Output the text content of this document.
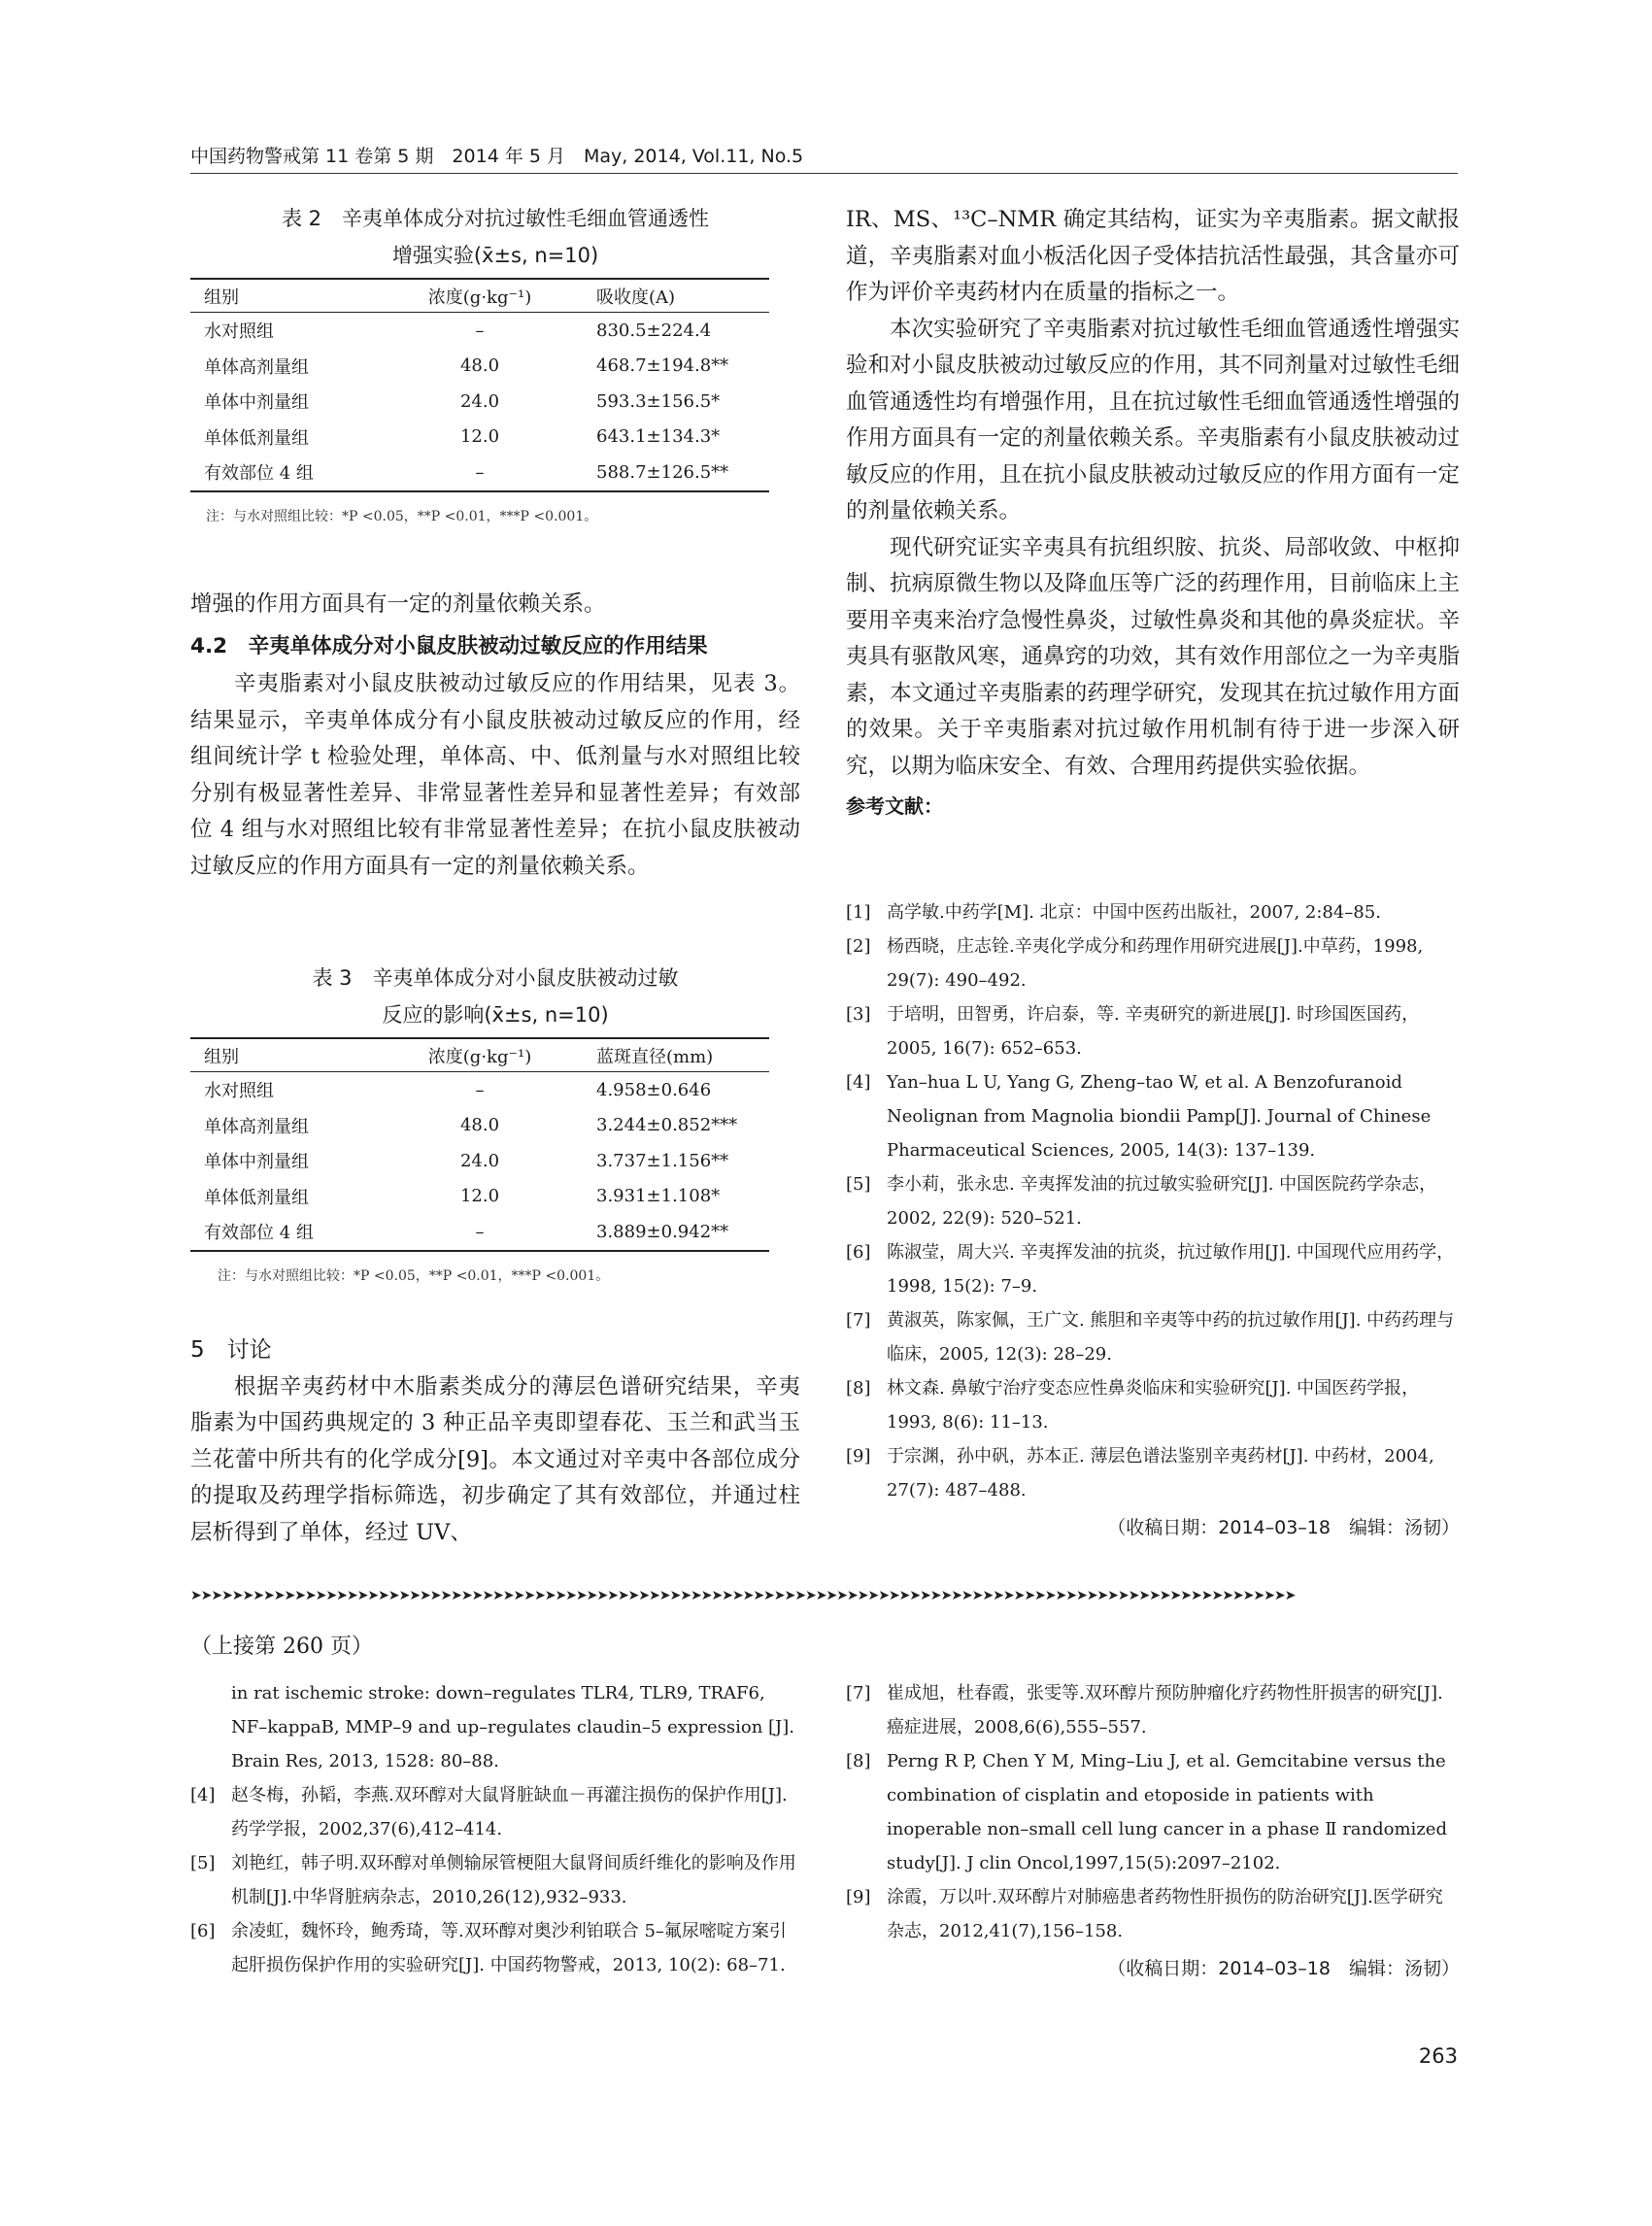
中国药物警戒第 11 卷第 5 期　2014 年 5 月　May, 2014, Vol.11, No.5
表 2　辛夷单体成分对抗过敏性毛细血管通透性
增强实验(x̄±s, n=10)
组别	浓度(g·kg⁻¹)	吸收度(A)
水对照组	–	830.5±224.4
单体高剂量组	48.0	468.7±194.8**
单体中剂量组	24.0	593.3±156.5*
单体低剂量组	12.0	643.1±134.3*
有效部位 4 组	–	588.7±126.5**
注：与水对照组比较：*P <0.05，**P <0.01，***P <0.001。
增强的作用方面具有一定的剂量依赖关系。
4.2　辛夷单体成分对小鼠皮肤被动过敏反应的作用结果

辛夷脂素对小鼠皮肤被动过敏反应的作用结果，见表 3。结果显示，辛夷单体成分有小鼠皮肤被动过敏反应的作用，经组间统计学 t 检验处理，单体高、中、低剂量与水对照组比较分别有极显著性差异、非常显著性差异和显著性差异；有效部位 4 组与水对照组比较有非常显著性差异；在抗小鼠皮肤被动过敏反应的作用方面具有一定的剂量依赖关系。

表 3　辛夷单体成分对小鼠皮肤被动过敏
反应的影响(x̄±s, n=10)
组别	浓度(g·kg⁻¹)	蓝斑直径(mm)
水对照组	–	4.958±0.646
单体高剂量组	48.0	3.244±0.852***
单体中剂量组	24.0	3.737±1.156**
单体低剂量组	12.0	3.931±1.108*
有效部位 4 组	–	3.889±0.942**
注：与水对照组比较：*P <0.05，**P <0.01，***P <0.001。
5　讨论

根据辛夷药材中木脂素类成分的薄层色谱研究结果，辛夷脂素为中国药典规定的 3 种正品辛夷即望春花、玉兰和武当玉兰花蕾中所共有的化学成分[9]。本文通过对辛夷中各部位成分的提取及药理学指标筛选，初步确定了其有效部位，并通过柱层析得到了单体，经过 UV、

IR、MS、¹³C–NMR 确定其结构，证实为辛夷脂素。据文献报道，辛夷脂素对血小板活化因子受体拮抗活性最强，其含量亦可作为评价辛夷药材内在质量的指标之一。

本次实验研究了辛夷脂素对抗过敏性毛细血管通透性增强实验和对小鼠皮肤被动过敏反应的作用，其不同剂量对过敏性毛细血管通透性均有增强作用，且在抗过敏性毛细血管通透性增强的作用方面具有一定的剂量依赖关系。辛夷脂素有小鼠皮肤被动过敏反应的作用，且在抗小鼠皮肤被动过敏反应的作用方面有一定的剂量依赖关系。

现代研究证实辛夷具有抗组织胺、抗炎、局部收敛、中枢抑制、抗病原微生物以及降血压等广泛的药理作用，目前临床上主要用辛夷来治疗急慢性鼻炎，过敏性鼻炎和其他的鼻炎症状。辛夷具有驱散风寒，通鼻窍的功效，其有效作用部位之一为辛夷脂素，本文通过辛夷脂素的药理学研究，发现其在抗过敏作用方面的效果。关于辛夷脂素对抗过敏作用机制有待于进一步深入研究，以期为临床安全、有效、合理用药提供实验依据。

参考文献：
[1] 高学敏.中药学[M]. 北京：中国中医药出版社，2007, 2:84–85.
[2] 杨西晓，庄志铨.辛夷化学成分和药理作用研究进展[J].中草药，1998, 29(7): 490–492.
[3] 于培明，田智勇，许启泰，等. 辛夷研究的新进展[J]. 时珍国医国药，2005, 16(7): 652–653.
[4] Yan–hua L U, Yang G, Zheng–tao W, et al. A Benzofuranoid Neolignan from Magnolia biondii Pamp[J]. Journal of Chinese Pharmaceutical Sciences, 2005, 14(3): 137–139.
[5] 李小莉，张永忠. 辛夷挥发油的抗过敏实验研究[J]. 中国医院药学杂志，2002, 22(9): 520–521.
[6] 陈淑莹，周大兴. 辛夷挥发油的抗炎，抗过敏作用[J]. 中国现代应用药学，1998, 15(2): 7–9.
[7] 黄淑英，陈家佩，王广文. 熊胆和辛夷等中药的抗过敏作用[J]. 中药药理与临床，2005, 12(3): 28–29.
[8] 林文森. 鼻敏宁治疗变态应性鼻炎临床和实验研究[J]. 中国医药学报，1993, 8(6): 11–13.
[9] 于宗渊，孙中矾，苏本正. 薄层色谱法鉴别辛夷药材[J]. 中药材，2004, 27(7): 487–488.
（收稿日期：2014–03–18　编辑：汤韧）
➤➤➤➤➤➤➤➤➤➤➤➤➤➤➤➤➤➤➤➤➤➤➤➤➤➤➤➤➤➤➤➤➤➤➤➤➤➤➤➤➤➤➤➤➤➤➤➤➤➤➤➤➤➤➤➤➤➤➤➤➤➤➤➤➤➤➤➤➤➤➤➤➤➤➤➤➤➤➤➤➤➤➤➤➤➤➤➤➤➤➤➤➤➤➤➤➤➤➤➤➤➤➤➤➤➤
（上接第 260 页）
in rat ischemic stroke: down–regulates TLR4, TLR9, TRAF6, NF–kappaB, MMP–9 and up–regulates claudin–5 expression [J]. Brain Res, 2013, 1528: 80–88.
[4] 赵冬梅，孙韬，李燕.双环醇对大鼠肾脏缺血－再灌注损伤的保护作用[J].药学学报，2002,37(6),412–414.
[5] 刘艳红，韩子明.双环醇对单侧输尿管梗阻大鼠肾间质纤维化的影响及作用机制[J].中华肾脏病杂志，2010,26(12),932–933.
[6] 余凌虹，魏怀玲，鲍秀琦，等.双环醇对奥沙利铂联合 5–氟尿嘧啶方案引起肝损伤保护作用的实验研究[J]. 中国药物警戒，2013, 10(2): 68–71.
[7] 崔成旭，杜春霞，张雯等.双环醇片预防肿瘤化疗药物性肝损害的研究[J].癌症进展，2008,6(6),555–557.
[8] Perng R P, Chen Y M, Ming–Liu J, et al. Gemcitabine versus the combination of cisplatin and etoposide in patients with inoperable non–small cell lung cancer in a phase Ⅱ randomized study[J]. J clin Oncol,1997,15(5):2097–2102.
[9] 涂霞，万以叶.双环醇片对肺癌患者药物性肝损伤的防治研究[J].医学研究杂志，2012,41(7),156–158.
（收稿日期：2014–03–18　编辑：汤韧）
263
